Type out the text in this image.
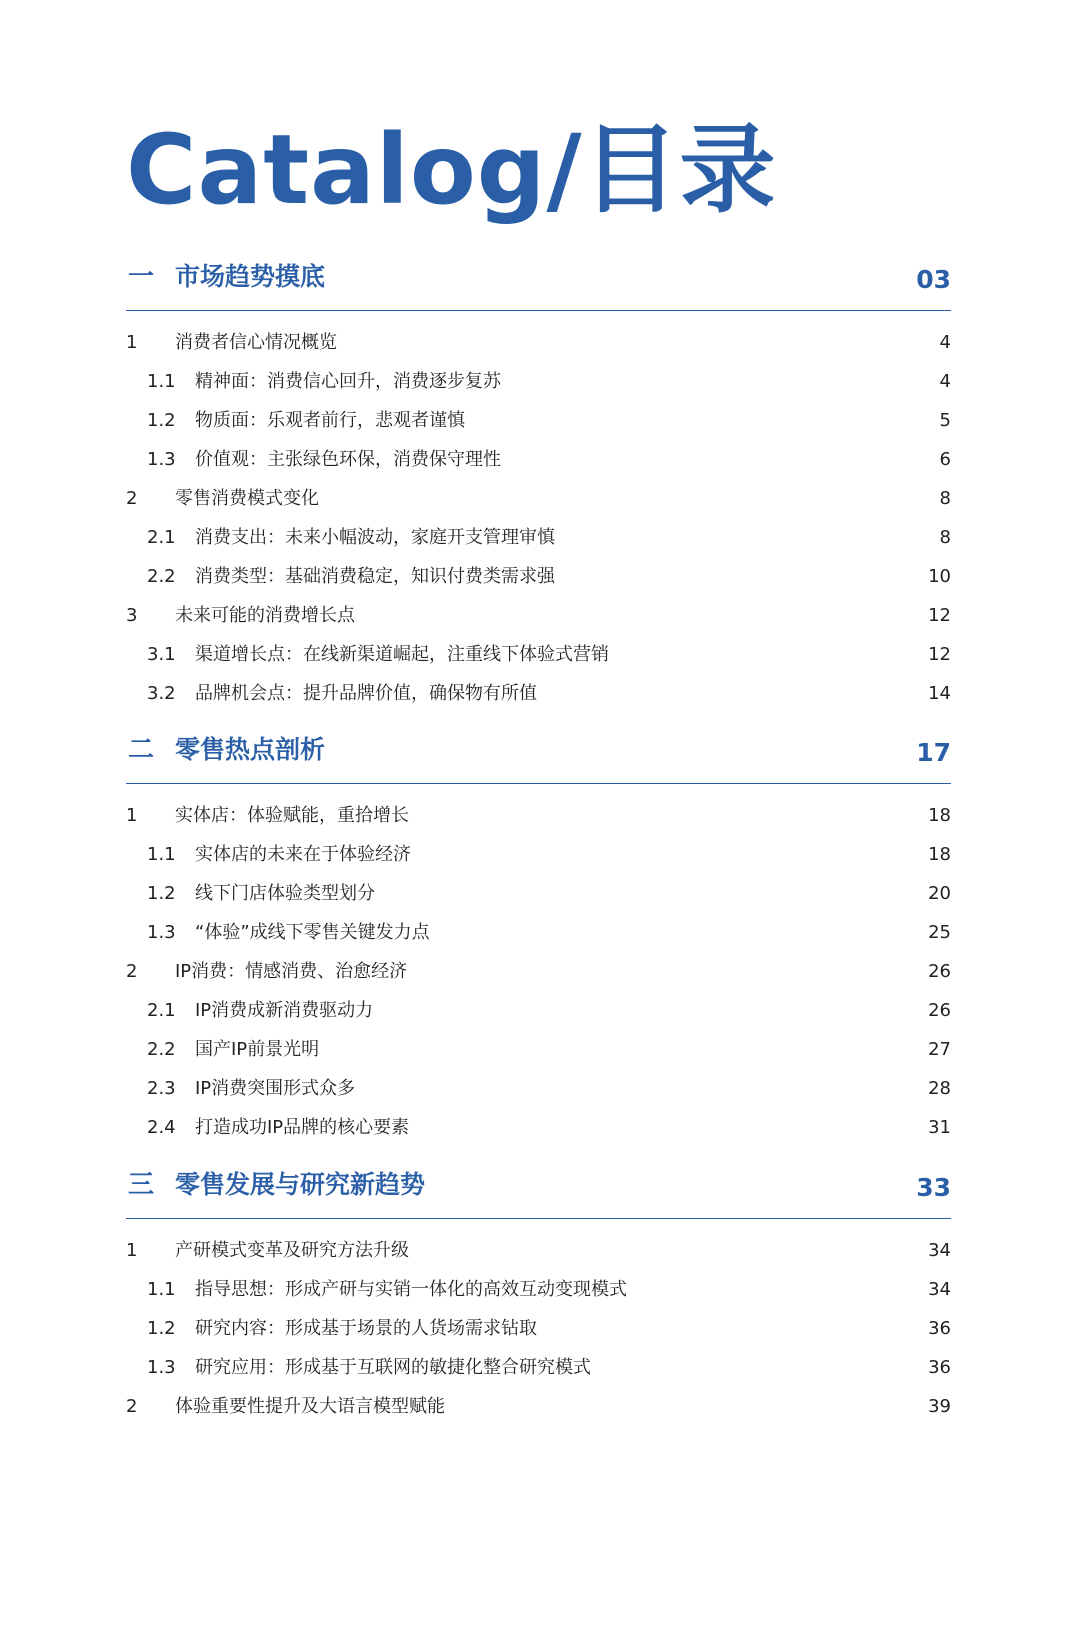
Catalog/目录
一 市场趋势摸底	03
1 消费者信心情况概览	4
1.1 精神面：消费信心回升，消费逐步复苏	4
1.2 物质面：乐观者前行，悲观者谨慎	5
1.3 价值观：主张绿色环保，消费保守理性	6
2 零售消费模式变化	8
2.1 消费支出：未来小幅波动，家庭开支管理审慎	8
2.2 消费类型：基础消费稳定，知识付费类需求强	10
3 未来可能的消费增长点	12
3.1 渠道增长点：在线新渠道崛起，注重线下体验式营销	12
3.2 品牌机会点：提升品牌价值，确保物有所值	14
二 零售热点剖析	17
1 实体店：体验赋能，重拾增长	18
1.1 实体店的未来在于体验经济	18
1.2 线下门店体验类型划分	20
1.3 “体验”成线下零售关键发力点	25
2 IP消费：情感消费、治愈经济	26
2.1 IP消费成新消费驱动力	26
2.2 国产IP前景光明	27
2.3 IP消费突围形式众多	28
2.4 打造成功IP品牌的核心要素	31
三 零售发展与研究新趋势	33
1 产研模式变革及研究方法升级	34
1.1 指导思想：形成产研与实销一体化的高效互动变现模式	34
1.2 研究内容：形成基于场景的人货场需求钻取	36
1.3 研究应用：形成基于互联网的敏捷化整合研究模式	36
2 体验重要性提升及大语言模型赋能	39
